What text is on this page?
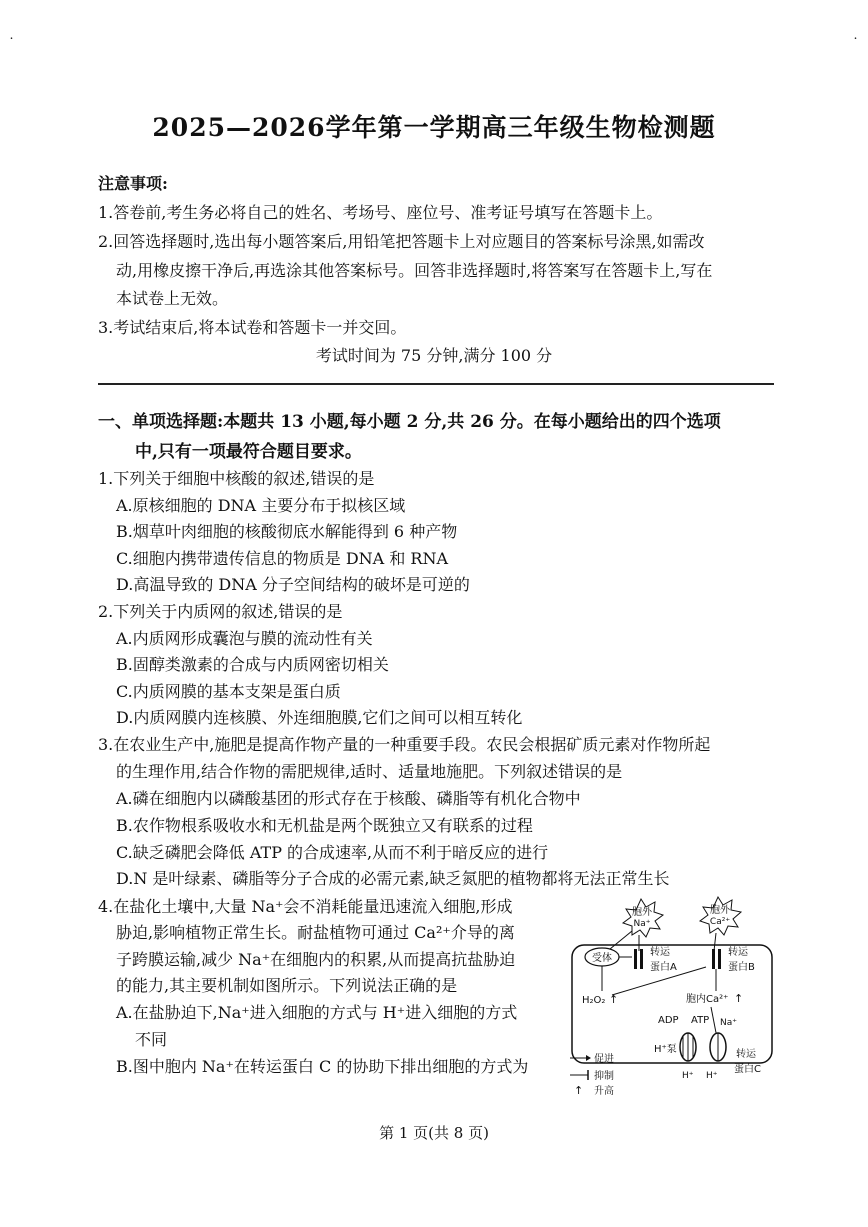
˙	˙
2025—2026学年第一学期高三年级生物检测题
注意事项:
1.答卷前,考生务必将自己的姓名、考场号、座位号、准考证号填写在答题卡上。
2.回答选择题时,选出每小题答案后,用铅笔把答题卡上对应题目的答案标号涂黑,如需改
动,用橡皮擦干净后,再选涂其他答案标号。回答非选择题时,将答案写在答题卡上,写在
本试卷上无效。
3.考试结束后,将本试卷和答题卡一并交回。
考试时间为 75 分钟,满分 100 分
一、单项选择题:本题共 13 小题,每小题 2 分,共 26 分。在每小题给出的四个选项
中,只有一项最符合题目要求。
1.下列关于细胞中核酸的叙述,错误的是
A.原核细胞的 DNA 主要分布于拟核区域
B.烟草叶肉细胞的核酸彻底水解能得到 6 种产物
C.细胞内携带遗传信息的物质是 DNA 和 RNA
D.高温导致的 DNA 分子空间结构的破坏是可逆的
2.下列关于内质网的叙述,错误的是
A.内质网形成囊泡与膜的流动性有关
B.固醇类激素的合成与内质网密切相关
C.内质网膜的基本支架是蛋白质
D.内质网膜内连核膜、外连细胞膜,它们之间可以相互转化
3.在农业生产中,施肥是提高作物产量的一种重要手段。农民会根据矿质元素对作物所起
的生理作用,结合作物的需肥规律,适时、适量地施肥。下列叙述错误的是
A.磷在细胞内以磷酸基团的形式存在于核酸、磷脂等有机化合物中
B.农作物根系吸收水和无机盐是两个既独立又有联系的过程
C.缺乏磷肥会降低 ATP 的合成速率,从而不利于暗反应的进行
D.N 是叶绿素、磷脂等分子合成的必需元素,缺乏氮肥的植物都将无法正常生长
4.在盐化土壤中,大量 Na⁺会不消耗能量迅速流入细胞,形成
胁迫,影响植物正常生长。耐盐植物可通过 Ca²⁺介导的离
子跨膜运输,减少 Na⁺在细胞内的积累,从而提高抗盐胁迫
的能力,其主要机制如图所示。下列说法正确的是
A.在盐胁迫下,Na⁺进入细胞的方式与 H⁺进入细胞的方式
不同
B.图中胞内 Na⁺在转运蛋白 C 的协助下排出细胞的方式为
胞外
Na⁺
胞外
Ca²⁺
受体
转运
蛋白A
转运
蛋白B
H₂O₂ ↑	胞内Ca²⁺ ↑
ADP ATP Na⁺
H⁺泵
H⁺ H⁺
转运
蛋白C
促进
抑制
↑ 升高
第 1 页(共 8 页)
